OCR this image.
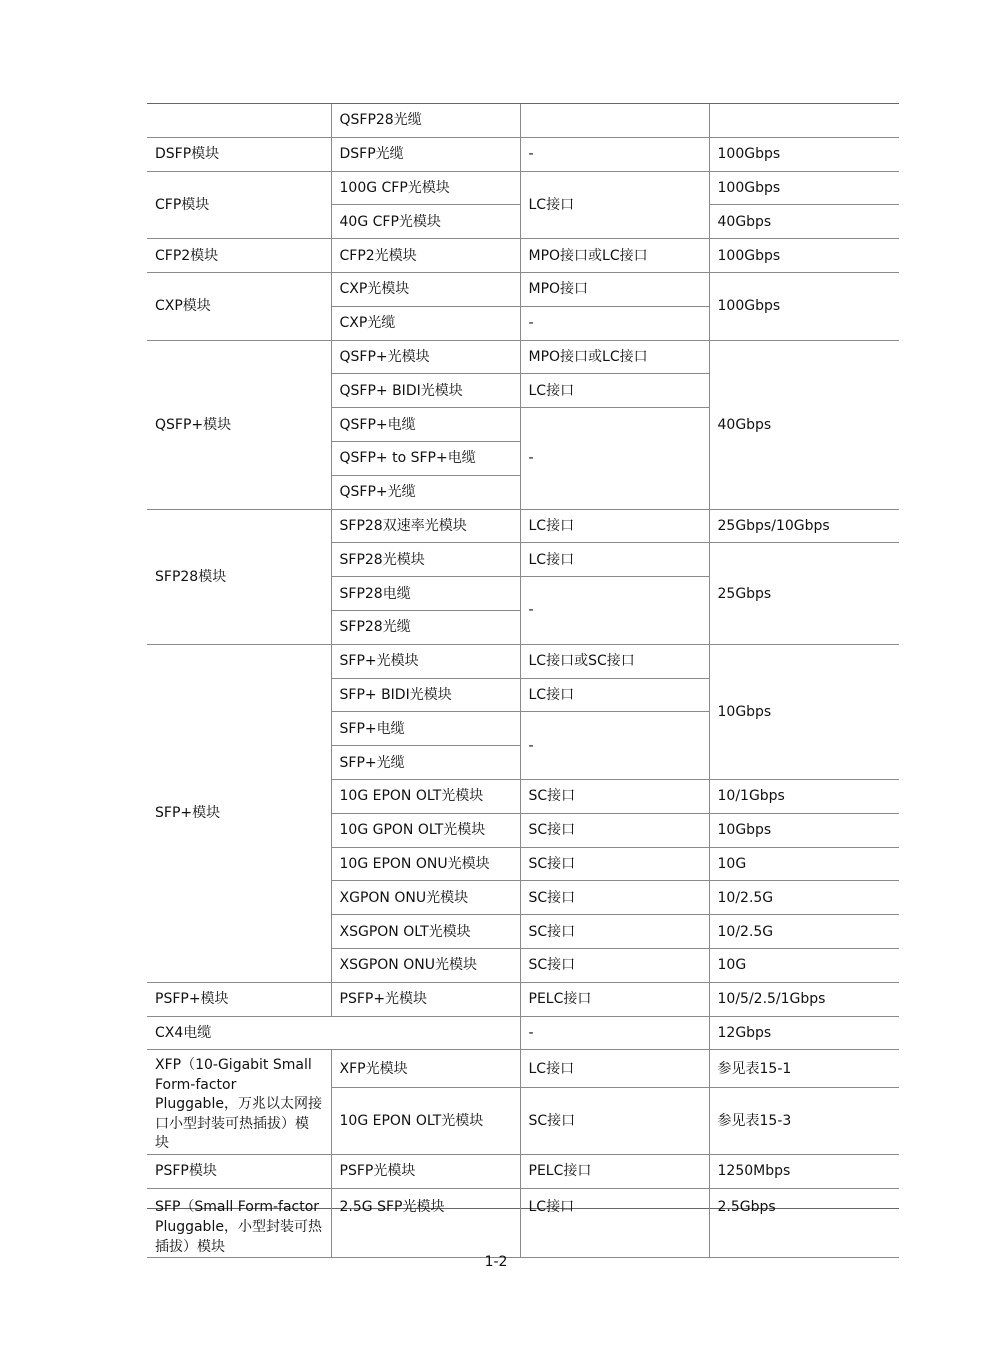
	QSFP28光缆		
DSFP模块	DSFP光缆	-	100Gbps
CFP模块	100G CFP光模块	LC接口	100Gbps
	40G CFP光模块		40Gbps
CFP2模块	CFP2光模块	MPO接口或LC接口	100Gbps
CXP模块	CXP光模块	MPO接口	100Gbps
	CXP光缆	-	
QSFP+模块	QSFP+光模块	MPO接口或LC接口	40Gbps
	QSFP+ BIDI光模块	LC接口	
	QSFP+电缆	-	
	QSFP+ to SFP+电缆		
	QSFP+光缆		
SFP28模块	SFP28双速率光模块	LC接口	25Gbps/10Gbps
	SFP28光模块	LC接口	25Gbps
	SFP28电缆	-	
	SFP28光缆		
SFP+模块	SFP+光模块	LC接口或SC接口	10Gbps
	SFP+ BIDI光模块	LC接口	
	SFP+电缆	-	
	SFP+光缆		
	10G EPON OLT光模块	SC接口	10/1Gbps
	10G GPON OLT光模块	SC接口	10Gbps
	10G EPON ONU光模块	SC接口	10G
	XGPON ONU光模块	SC接口	10/2.5G
	XSGPON OLT光模块	SC接口	10/2.5G
	XSGPON ONU光模块	SC接口	10G
PSFP+模块	PSFP+光模块	PELC接口	10/5/2.5/1Gbps
CX4电缆		-	12Gbps
XFP（10-Gigabit Small Form-factor Pluggable，万兆以太网接口小型封装可热插拔）模块	XFP光模块	LC接口	参见表15-1
	10G EPON OLT光模块	SC接口	参见表15-3
PSFP模块	PSFP光模块	PELC接口	1250Mbps
SFP（Small Form-factor Pluggable，小型封装可热插拔）模块	2.5G SFP光模块	LC接口	2.5Gbps
1-2
